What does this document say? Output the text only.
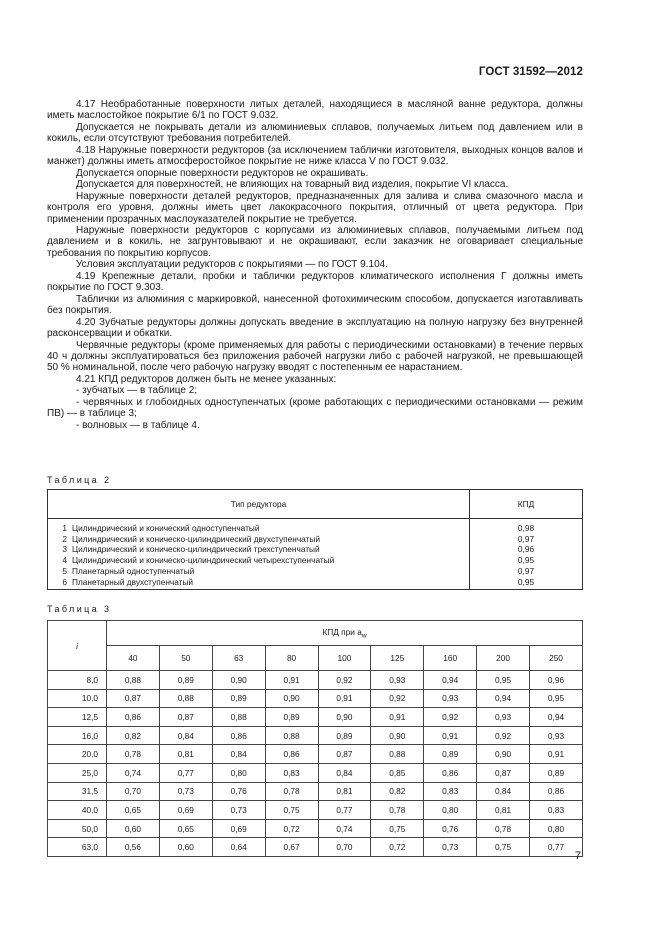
ГОСТ 31592—2012

4.17 Необработанные поверхности литых деталей, находящиеся в масляной ванне редуктора, должны иметь маслостойкое покрытие 6/1 по ГОСТ 9.032.

Допускается не покрывать детали из алюминиевых сплавов, получаемых литьем под давлением или в кокиль, если отсутствуют требования потребителей.

4.18 Наружные поверхности редукторов (за исключением таблички изготовителя, выходных концов валов и манжет) должны иметь атмосферостойкое покрытие не ниже класса V по ГОСТ 9.032.

Допускается опорные поверхности редукторов не окрашивать.

Допускается для поверхностей, не влияющих на товарный вид изделия, покрытие VI класса.

Наружные поверхности деталей редукторов, предназначенных для залива и слива смазочного масла и контроля его уровня, должны иметь цвет лакокрасочного покрытия, отличный от цвета редуктора. При применении прозрачных маслоуказателей покрытие не требуется.

Наружные поверхности редукторов с корпусами из алюминиевых сплавов, получаемыми литьем под давлением и в кокиль, не загрунтовывают и не окрашивают, если заказчик не оговаривает специальные требования по покрытию корпусов.

Условия эксплуатации редукторов с покрытиями — по ГОСТ 9.104.

4.19 Крепежные детали, пробки и таблички редукторов климатического исполнения Г должны иметь покрытие по ГОСТ 9.303.

Таблички из алюминия с маркировкой, нанесенной фотохимическим способом, допускается изготавливать без покрытия.

4.20 Зубчатые редукторы должны допускать введение в эксплуатацию на полную нагрузку без внутренней расконсервации и обкатки.

Червячные редукторы (кроме применяемых для работы с периодическими остановками) в течение первых 40 ч должны эксплуатироваться без приложения рабочей нагрузки либо с рабочей нагрузкой, не превышающей 50 % номинальной, после чего рабочую нагрузку вводят с постепенным ее нарастанием.

4.21 КПД редукторов должен быть не менее указанных:

- зубчатых — в таблице 2;

- червячных и глобоидных одноступенчатых (кроме работающих с периодическими остановками — режим ПВ) — в таблице 3;

- волновых — в таблице 4.

Таблица 2
Тип редуктора		КПД
1	Цилиндрический и конический одноступенчатый	0,98
2	Цилиндрический и коническо-цилиндрический двухступенчатый	0,97
3	Цилиндрический и коническо-цилиндрический трехступенчатый	0,96
4	Цилиндрический и коническо-цилиндрический четырехступенчатый	0,95
5	Планетарный одноступенчатый	0,97
6	Планетарный двухступенчатый	0,95
Таблица 3
i	КПД при $a_w$
	40	50	63	80	100	125	160	200	250
8,0	0,88	0,89	0,90	0,91	0,92	0,93	0,94	0,95	0,96
10,0	0,87	0,88	0,89	0,90	0,91	0,92	0,93	0,94	0,95
12,5	0,86	0,87	0,88	0,89	0,90	0,91	0,92	0,93	0,94
16,0	0,82	0,84	0,86	0,88	0,89	0,90	0,91	0,92	0,93
20,0	0,78	0,81	0,84	0,86	0,87	0,88	0,89	0,90	0,91
25,0	0,74	0,77	0,80	0,83	0,84	0,85	0,86	0,87	0,89
31,5	0,70	0,73	0,76	0,78	0,81	0,82	0,83	0,84	0,86
40,0	0,65	0,69	0,73	0,75	0,77	0,78	0,80	0,81	0,83
50,0	0,60	0,65	0,69	0,72	0,74	0,75	0,76	0,78	0,80
63,0	0,56	0,60	0,64	0,67	0,70	0,72	0,73	0,75	0,77
7
